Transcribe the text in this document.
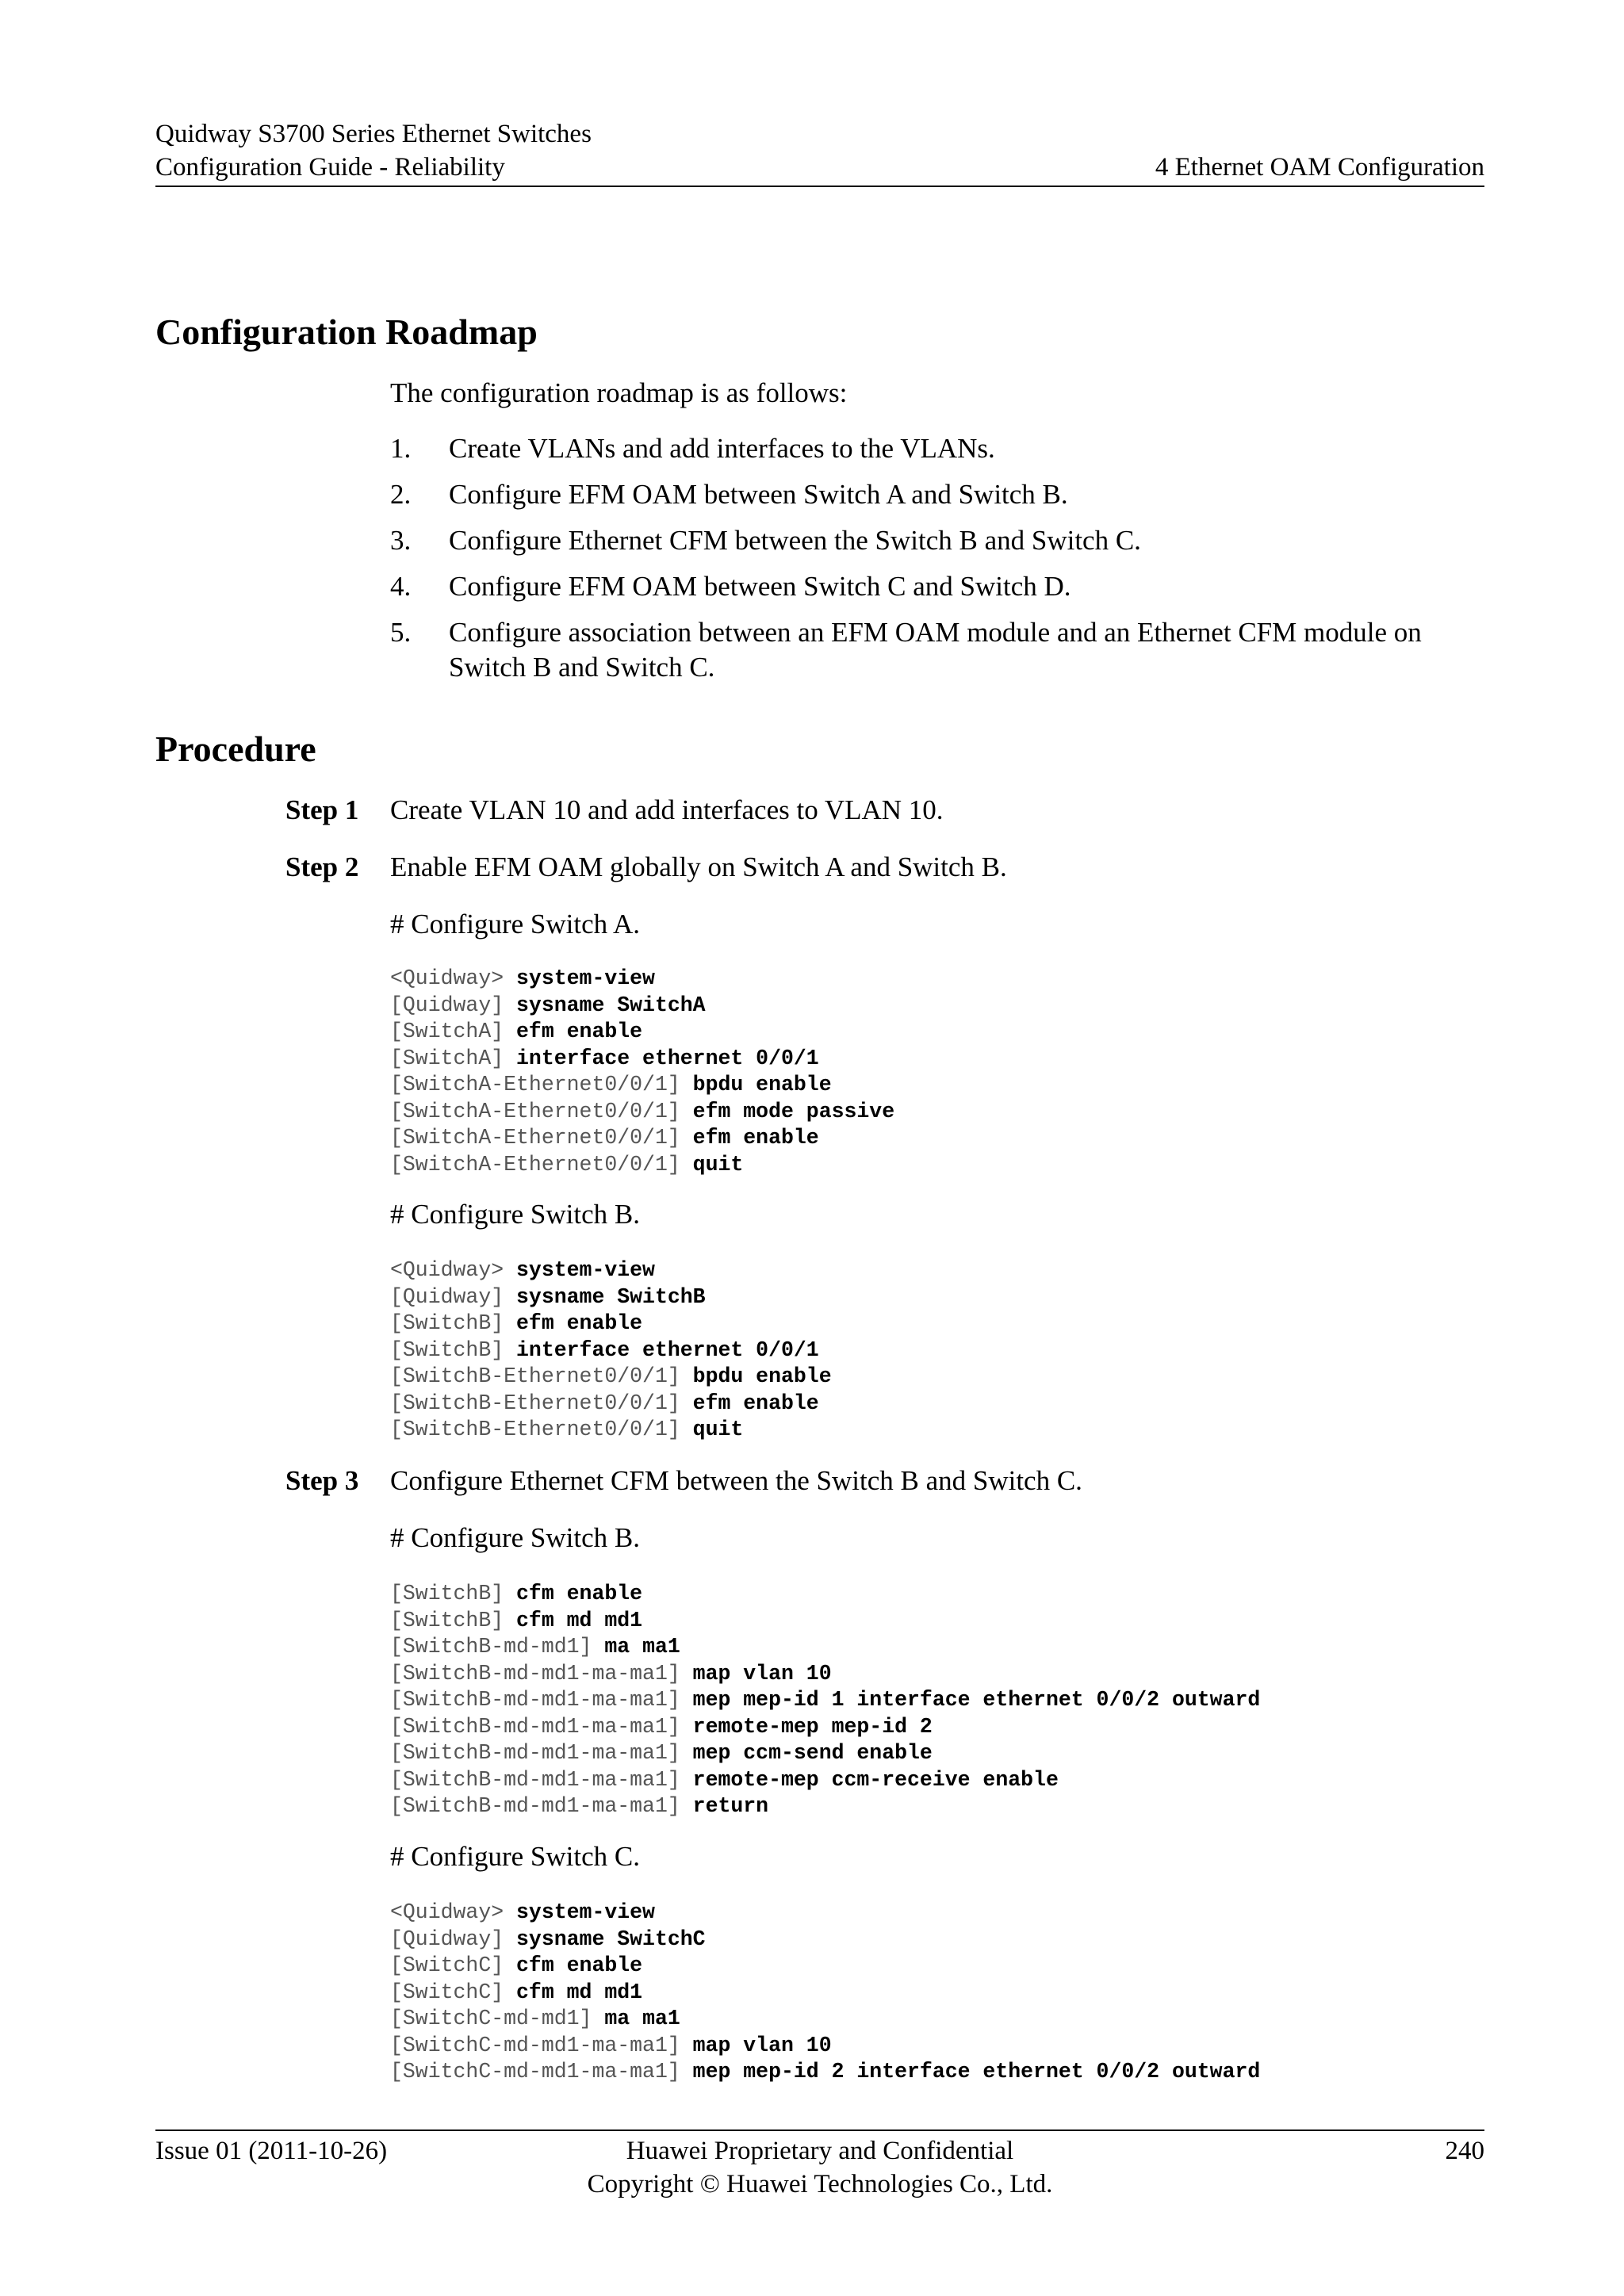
Quidway S3700 Series Ethernet Switches
Configuration Guide - Reliability	4 Ethernet OAM Configuration
Configuration Roadmap
The configuration roadmap is as follows:
1. Create VLANs and add interfaces to the VLANs.
2. Configure EFM OAM between Switch A and Switch B.
3. Configure Ethernet CFM between the Switch B and Switch C.
4. Configure EFM OAM between Switch C and Switch D.
5. Configure association between an EFM OAM module and an Ethernet CFM module on Switch B and Switch C.
Procedure
Step 1	Create VLAN 10 and add interfaces to VLAN 10.
Step 2	Enable EFM OAM globally on Switch A and Switch B.
# Configure Switch A.
<Quidway> system-view
[Quidway] sysname SwitchA
[SwitchA] efm enable
[SwitchA] interface ethernet 0/0/1
[SwitchA-Ethernet0/0/1] bpdu enable
[SwitchA-Ethernet0/0/1] efm mode passive
[SwitchA-Ethernet0/0/1] efm enable
[SwitchA-Ethernet0/0/1] quit
# Configure Switch B.
<Quidway> system-view
[Quidway] sysname SwitchB
[SwitchB] efm enable
[SwitchB] interface ethernet 0/0/1
[SwitchB-Ethernet0/0/1] bpdu enable
[SwitchB-Ethernet0/0/1] efm enable
[SwitchB-Ethernet0/0/1] quit
Step 3	Configure Ethernet CFM between the Switch B and Switch C.
# Configure Switch B.
[SwitchB] cfm enable
[SwitchB] cfm md md1
[SwitchB-md-md1] ma ma1
[SwitchB-md-md1-ma-ma1] map vlan 10
[SwitchB-md-md1-ma-ma1] mep mep-id 1 interface ethernet 0/0/2 outward
[SwitchB-md-md1-ma-ma1] remote-mep mep-id 2
[SwitchB-md-md1-ma-ma1] mep ccm-send enable
[SwitchB-md-md1-ma-ma1] remote-mep ccm-receive enable
[SwitchB-md-md1-ma-ma1] return
# Configure Switch C.
<Quidway> system-view
[Quidway] sysname SwitchC
[SwitchC] cfm enable
[SwitchC] cfm md md1
[SwitchC-md-md1] ma ma1
[SwitchC-md-md1-ma-ma1] map vlan 10
[SwitchC-md-md1-ma-ma1] mep mep-id 2 interface ethernet 0/0/2 outward
Issue 01 (2011-10-26)	Huawei Proprietary and Confidential
Copyright © Huawei Technologies Co., Ltd.
240
